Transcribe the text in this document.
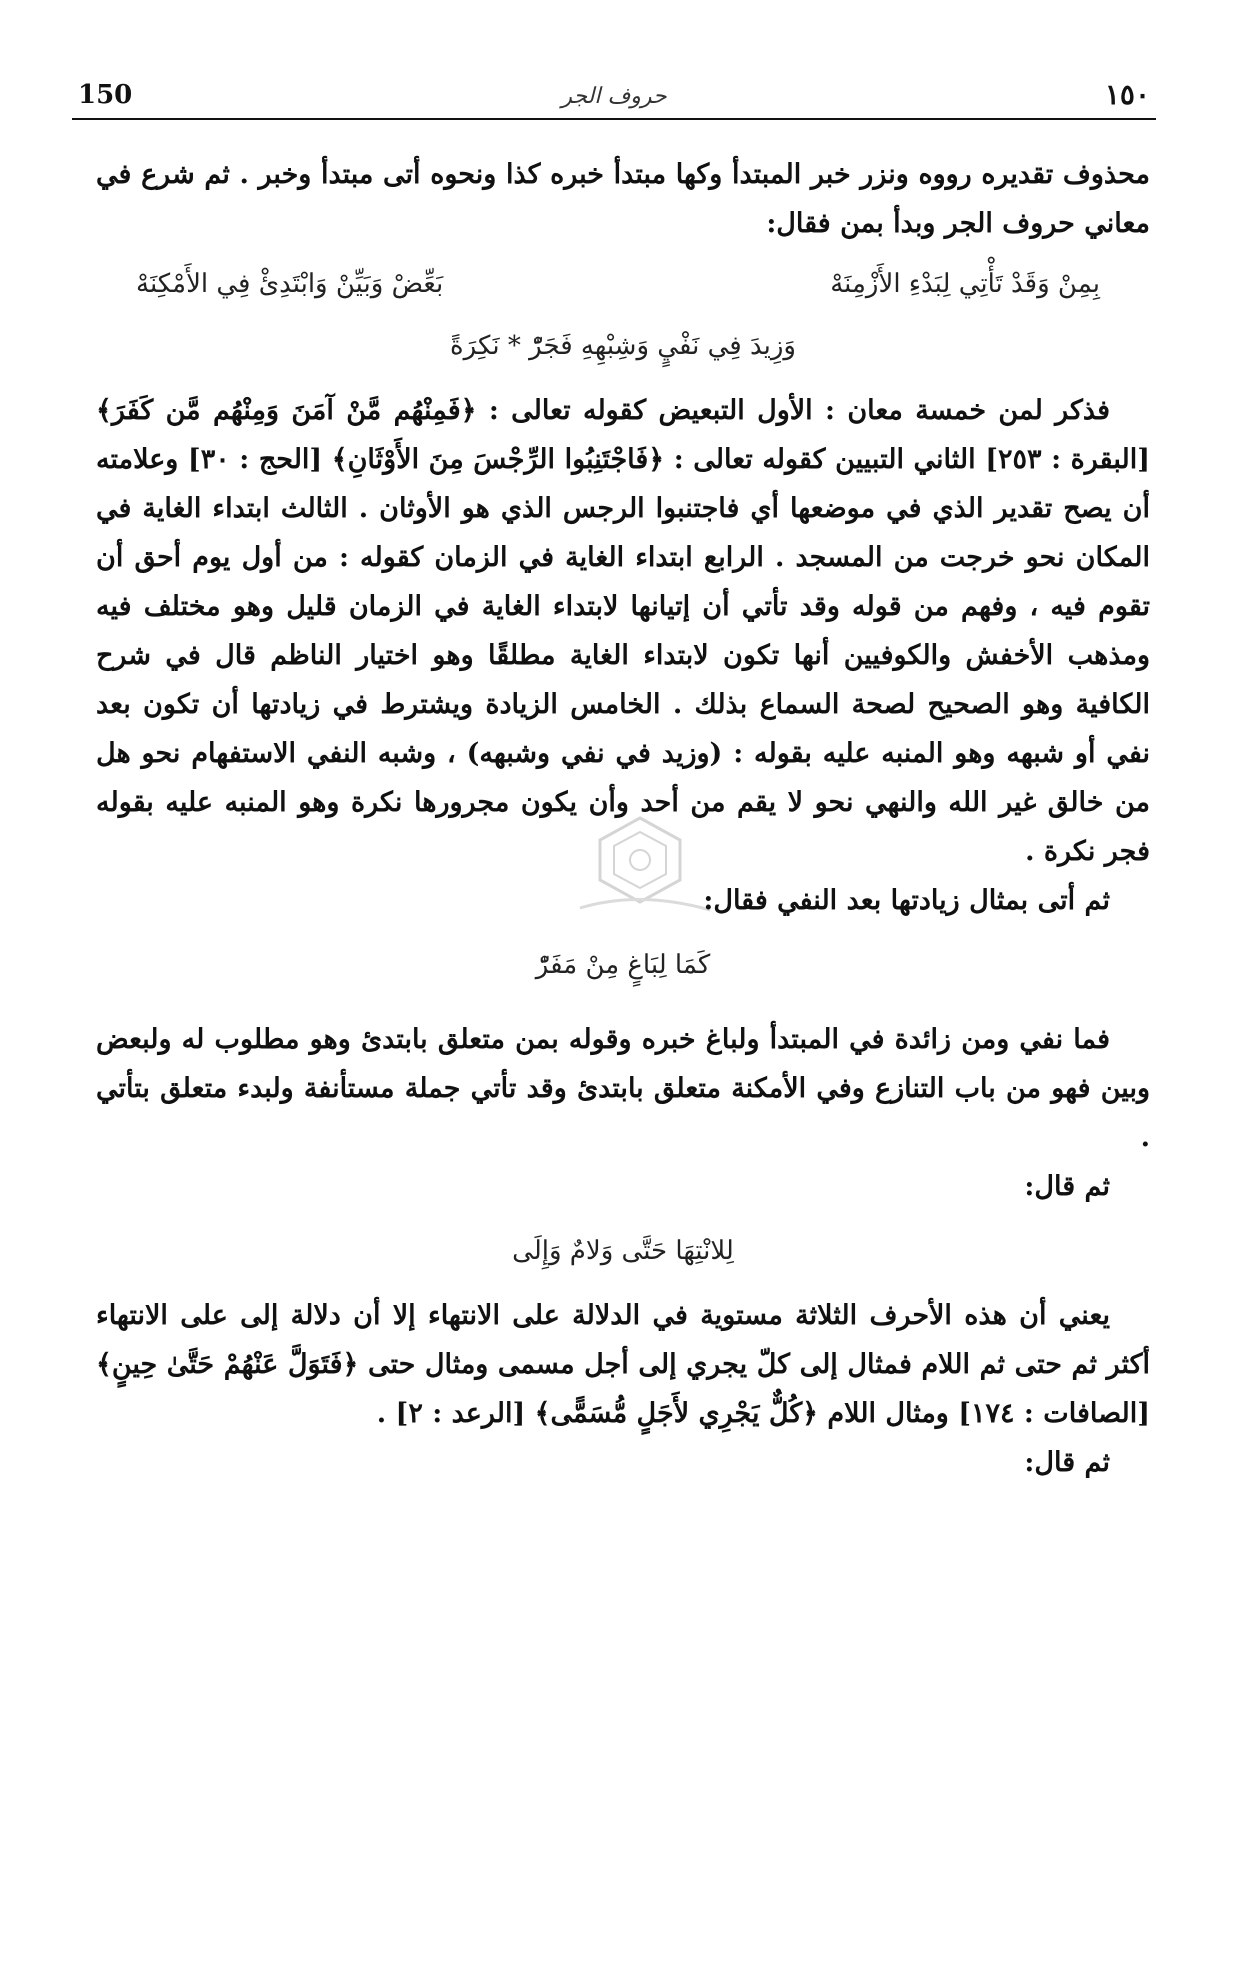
150	حروف الجر	١٥٠

محذوف تقديره رووه ونزر خبر المبتدأ وكها مبتدأ خبره كذا ونحوه أتى مبتدأ وخبر . ثم شرع في معاني حروف الجر وبدأ بمن فقال:

بِمِنْ وَقَدْ تَأْتِي لِبَدْءِ الأَزْمِنَهْ
بَعِّضْ وَبَيِّنْ وَابْتَدِئْ فِي الأَمْكِنَهْ
وَزِيدَ فِي نَفْيٍ وَشِبْهِهِ فَجَرّْ * نَكِرَةً

فذكر لمن خمسة معان : الأول التبعيض كقوله تعالى : ﴿فَمِنْهُم مَّنْ آمَنَ وَمِنْهُم مَّن كَفَرَ﴾ [البقرة : ٢٥٣] الثاني التبيين كقوله تعالى : ﴿فَاجْتَنِبُوا الرِّجْسَ مِنَ الأَوْثَانِ﴾ [الحج : ٣٠] وعلامته أن يصح تقدير الذي في موضعها أي فاجتنبوا الرجس الذي هو الأوثان . الثالث ابتداء الغاية في المكان نحو خرجت من المسجد . الرابع ابتداء الغاية في الزمان كقوله : من أول يوم أحق أن تقوم فيه ، وفهم من قوله وقد تأتي أن إتيانها لابتداء الغاية في الزمان قليل وهو مختلف فيه ومذهب الأخفش والكوفيين أنها تكون لابتداء الغاية مطلقًا وهو اختيار الناظم قال في شرح الكافية وهو الصحيح لصحة السماع بذلك . الخامس الزيادة ويشترط في زيادتها أن تكون بعد نفي أو شبهه وهو المنبه عليه بقوله : (وزيد في نفي وشبهه) ، وشبه النفي الاستفهام نحو هل من خالق غير الله والنهي نحو لا يقم من أحد وأن يكون مجرورها نكرة وهو المنبه عليه بقوله فجر نكرة .

ثم أتى بمثال زيادتها بعد النفي فقال:

كَمَا لِبَاغٍ مِنْ مَفَرّْ

فما نفي ومن زائدة في المبتدأ ولباغ خبره وقوله بمن متعلق بابتدئ وهو مطلوب له ولبعض وبين فهو من باب التنازع وفي الأمكنة متعلق بابتدئ وقد تأتي جملة مستأنفة ولبدء متعلق بتأتي .

ثم قال:

لِلانْتِهَا حَتَّى وَلامٌ وَإِلَى

يعني أن هذه الأحرف الثلاثة مستوية في الدلالة على الانتهاء إلا أن دلالة إلى على الانتهاء أكثر ثم حتى ثم اللام فمثال إلى كلّ يجري إلى أجل مسمى ومثال حتى ﴿فَتَوَلَّ عَنْهُمْ حَتَّىٰ حِينٍ﴾ [الصافات : ١٧٤] ومثال اللام ﴿كُلٌّ يَجْرِي لأَجَلٍ مُّسَمًّى﴾ [الرعد : ٢] .

ثم قال:
